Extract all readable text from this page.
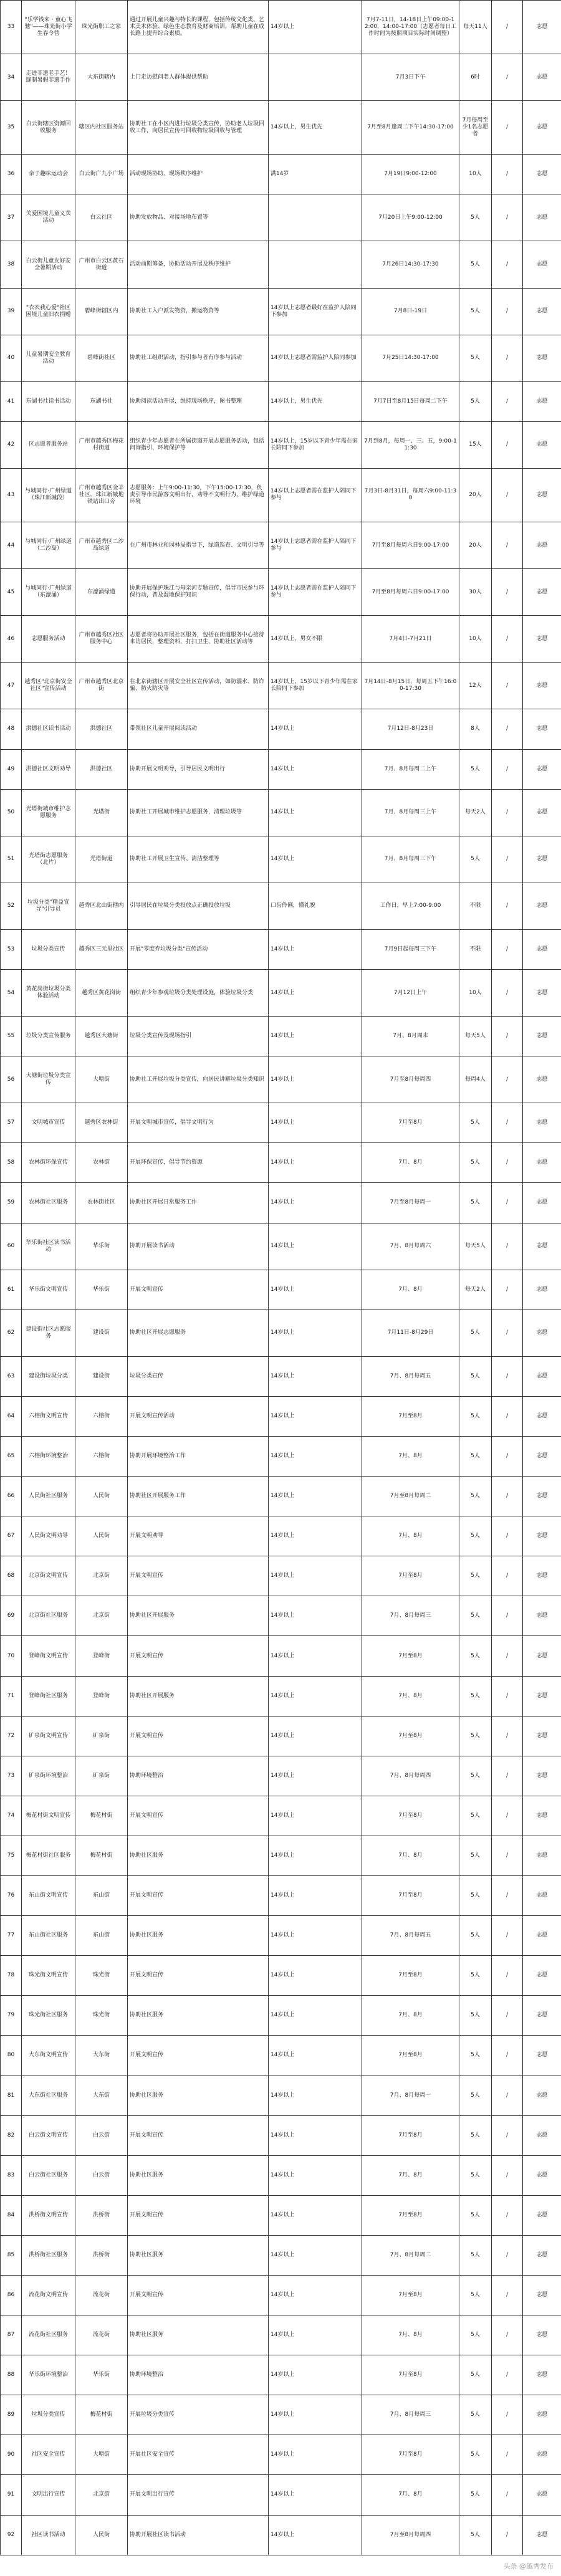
33	"乐学钱来・童心飞驰"——珠光街小学生春令营	珠光街职工之家	通过开展儿童兴趣与特长的课程，包括传统文化类、艺术美术体验、绿色生态教育及财商培训，帮助儿童在成长路上提升综合素质。	14岁以上	7月7-11日，14-18日上午09:00-12:00，14:00-17:00（志愿者每日工作时间为按照项目实际时间调整）	每天11人	/	志愿
34	走进非遗老手艺！缝制暑假非遗手作	大东街辖内	上门走访慰问老人群体提供帮助		7月3日下午	6时	/	志愿
35	白云街辖区资源回收服务	辖区内社区服务站	协助社工在小区内进行垃圾分类宣传，协助老人垃圾回收工作，向居民宣传可回收物垃圾回收与管理	14岁以上，男生优先	7月至8月逢周二下午14:30-17:00	7月每周至少1名志愿者	/	志愿
36	亲子趣味运动会	白云街广九小广场	活动现场协助、现场秩序维护	满14岁	7月19日9:00-12:00	10人	/	志愿
37	关爱困境儿童义卖活动	白云社区	协助发放物品、对接场地布置等		7月20日上午9:00-12:00	5人	/	志愿
38	白云街儿童友好安全暑期活动	广州市白云区黄石街道	活动前期筹备，协助活动开展及秩序维护		7月26日14:30-17:30	5人	/	志愿
39	"衣衣我心爱"社区困境儿童旧衣捐赠	碧峰街辖区内	协助社工入户派发物资，搬运物资等	14岁以上志愿者最好在监护人陪同下参加	7月8日-19日	5人	/	志愿
40	儿童暑期安全教育活动	碧峰街社区	协助社工组织活动，指引参与者有序参与活动	14岁以上志愿者需监护人陪同参加	7月25日14:30-17:00	5人	/	志愿
41	东湖书社读书活动	东湖书社	协助阅读活动开展，维持现场秩序，图书整理	14岁以上，男生优先	7月7日至8月15日每周二下午	5人	/	志愿
42	区志愿者服务站	广州市越秀区梅花村街道	组织青少年志愿者在所属街道开展志愿服务活动，包括问询指引、环境保护等	14岁以上，15岁以下青少年需在家长陪同下参加	7月到8月，每周一、三、五，9:00-11:30	15人	/	志愿
43	与城同行·广州绿道（珠江新城段）	广州市越秀区金羊社区，珠江新城地铁站出口旁	志愿服务：上午9:00-11:30，下午15:00-17:30，负责引导市民游客文明出行，劝导不文明行为，维护绿道环境	14岁以上志愿者需在监护人陪同下参与	7月3日-8月31日，每周六9:00-11:30	20人	/	志愿
44	与城同行·广州绿道（二沙岛）	广州市越秀区二沙岛绿道	在广州市林业和园林局指导下，绿道巡查、文明引导等	14岁以上志愿者需在监护人陪同下参与	7月至8月每周六日9:00-17:00	20人	/	志愿
45	与城同行·广州绿道（东濠涌）	东濠涌绿道	协助开展保护珠江与母亲河专题宣传，倡导市民参与环保行动，普及湿地保护知识	14岁以上志愿者需在监护人陪同下参与	7月至8月每周六日9:00-17:00	30人	/	志愿
46	志愿服务活动	广州市越秀区社区服务中心	志愿者将协助开展社区服务，包括在街道服务中心接待来访居民，整理资料、打扫卫生、协助社区活动等	14岁以上，男女不限	7月4日-7月21日	10人	/	志愿
47	越秀区"北京街安全社区"宣传活动	广州市越秀区北京街	在北京街辖区开展安全社区宣传活动，如防溺水、防诈骗、防火防灾等	14岁以上，15岁以下青少年需在家长陪同下参加	7月14日-8月15日，每周五下午16:00-17:30	12人	/	志愿
48	洪德社区读书活动	洪德社区	带领社区儿童开展阅读活动	14岁以上	7月12日-8月23日	8人	/	志愿
49	洪德社区文明劝导	洪德社区	协助开展文明劝导，引导居民文明出行	14岁以上	7月、8月每周二上午	5人	/	志愿
50	光塔街城市维护志愿服务	光塔街	协助社工开展城市维护志愿服务，清理垃圾等	14岁以上	7月、8月每周三上午	每天2人	/	志愿
51	光塔街志愿服务（北片）	光塔街道	协助社工开展卫生宣传、清洁整理等	14岁以上	7月、8月每周三下午	5人	/	志愿
52	垃圾分类"精益宣导"引导员	越秀区北山街辖内	引导居民在垃圾分类投放点正确投放垃圾	口齿伶俐，懂礼貌	工作日，早上7:00-9:00	不限	/	志愿
53	垃圾分类宣传	越秀区三元里社区	开展"零废弃垃圾分类"宣传活动	14岁以上	7月9日起每周三下午	不限	/	志愿
54	黄花岗街垃圾分类体验活动	越秀区黄花岗街	组织青少年参观垃圾分类处理设施，体验垃圾分类	14岁以上	7月12日上午	10人	/	志愿
55	垃圾分类宣传服务	越秀区大塘街	垃圾分类宣传及现场指引	14岁以上	7月、8月周末	每天5人	/	志愿
56	大塘街垃圾分类宣传	大塘街	协助社工开展垃圾分类宣传，向居民讲解垃圾分类知识	14岁以上	7月至8月每周四	每周4人	/	志愿
57	文明城市宣传	越秀区农林街	开展文明城市宣传，倡导文明行为	14岁以上	7月至8月	5人	/	志愿
58	农林街环保宣传	农林街	开展环保宣传，倡导节约资源	14岁以上	7月、8月	5人	/	志愿
59	农林街社区服务	农林街社区	协助社区开展日常服务工作	14岁以上	7月至8月每周一	5人	/	志愿
60	华乐街社区读书活动	华乐街	协助开展读书活动	14岁以上	7月、8月每周六	每天5人	/	志愿
61	华乐街文明宣传	华乐街	开展文明宣传	14岁以上	7月、8月	每天2人	/	志愿
62	建设街社区志愿服务	建设街	协助社区开展志愿服务	14岁以上	7月11日-8月29日	5人	/	志愿
63	建设街垃圾分类	建设街	垃圾分类宣传	14岁以上	7月、8月每周五	5人	/	志愿
64	六榕街文明宣传	六榕街	开展文明宣传活动	14岁以上	7月至8月	5人	/	志愿
65	六榕街环境整治	六榕街	协助开展环境整治工作	14岁以上	7月、8月	5人	/	志愿
66	人民街社区服务	人民街	协助社区开展服务工作	14岁以上	7月至8月每周二	5人	/	志愿
67	人民街文明劝导	人民街	开展文明劝导	14岁以上	7月、8月	5人	/	志愿
68	北京街文明宣传	北京街	开展文明宣传	14岁以上	7月至8月	5人	/	志愿
69	北京街社区服务	北京街	协助社区开展服务	14岁以上	7月、8月每周三	5人	/	志愿
70	登峰街文明宣传	登峰街	开展文明宣传	14岁以上	7月至8月	5人	/	志愿
71	登峰街社区服务	登峰街	协助社区开展服务	14岁以上	7月、8月	5人	/	志愿
72	矿泉街文明宣传	矿泉街	开展文明宣传	14岁以上	7月至8月	5人	/	志愿
73	矿泉街环境整治	矿泉街	协助环境整治	14岁以上	7月、8月每周四	5人	/	志愿
74	梅花村街文明宣传	梅花村街	开展文明宣传	14岁以上	7月至8月	5人	/	志愿
75	梅花村街社区服务	梅花村街	协助社区服务	14岁以上	7月、8月	5人	/	志愿
76	东山街文明宣传	东山街	开展文明宣传	14岁以上	7月至8月	5人	/	志愿
77	东山街社区服务	东山街	协助社区服务	14岁以上	7月、8月每周五	5人	/	志愿
78	珠光街文明宣传	珠光街	开展文明宣传	14岁以上	7月至8月	5人	/	志愿
79	珠光街社区服务	珠光街	协助社区服务	14岁以上	7月、8月	5人	/	志愿
80	大东街文明宣传	大东街	开展文明宣传	14岁以上	7月至8月	5人	/	志愿
81	大东街社区服务	大东街	协助社区服务	14岁以上	7月、8月每周一	5人	/	志愿
82	白云街文明宣传	白云街	开展文明宣传	14岁以上	7月至8月	5人	/	志愿
83	白云街社区服务	白云街	协助社区服务	14岁以上	7月、8月	5人	/	志愿
84	洪桥街文明宣传	洪桥街	开展文明宣传	14岁以上	7月至8月	5人	/	志愿
85	洪桥街社区服务	洪桥街	协助社区服务	14岁以上	7月、8月每周二	5人	/	志愿
86	流花街文明宣传	流花街	开展文明宣传	14岁以上	7月至8月	5人	/	志愿
87	流花街社区服务	流花街	协助社区服务	14岁以上	7月、8月	5人	/	志愿
88	华乐街环境整治	华乐街	协助环境整治	14岁以上	7月至8月	5人	/	志愿
89	垃圾分类宣传	梅花村街	开展垃圾分类宣传	14岁以上	7月、8月每周三	5人	/	志愿
90	社区安全宣传	大塘街	开展社区安全宣传	14岁以上	7月至8月	5人	/	志愿
91	文明出行宣传	北京街	开展文明出行宣传	14岁以上	7月、8月	5人	/	志愿
92	社区读书活动	人民街	协助开展社区读书活动	14岁以上	7月至8月每周四	5人	/	志愿
头条 @越秀发布
